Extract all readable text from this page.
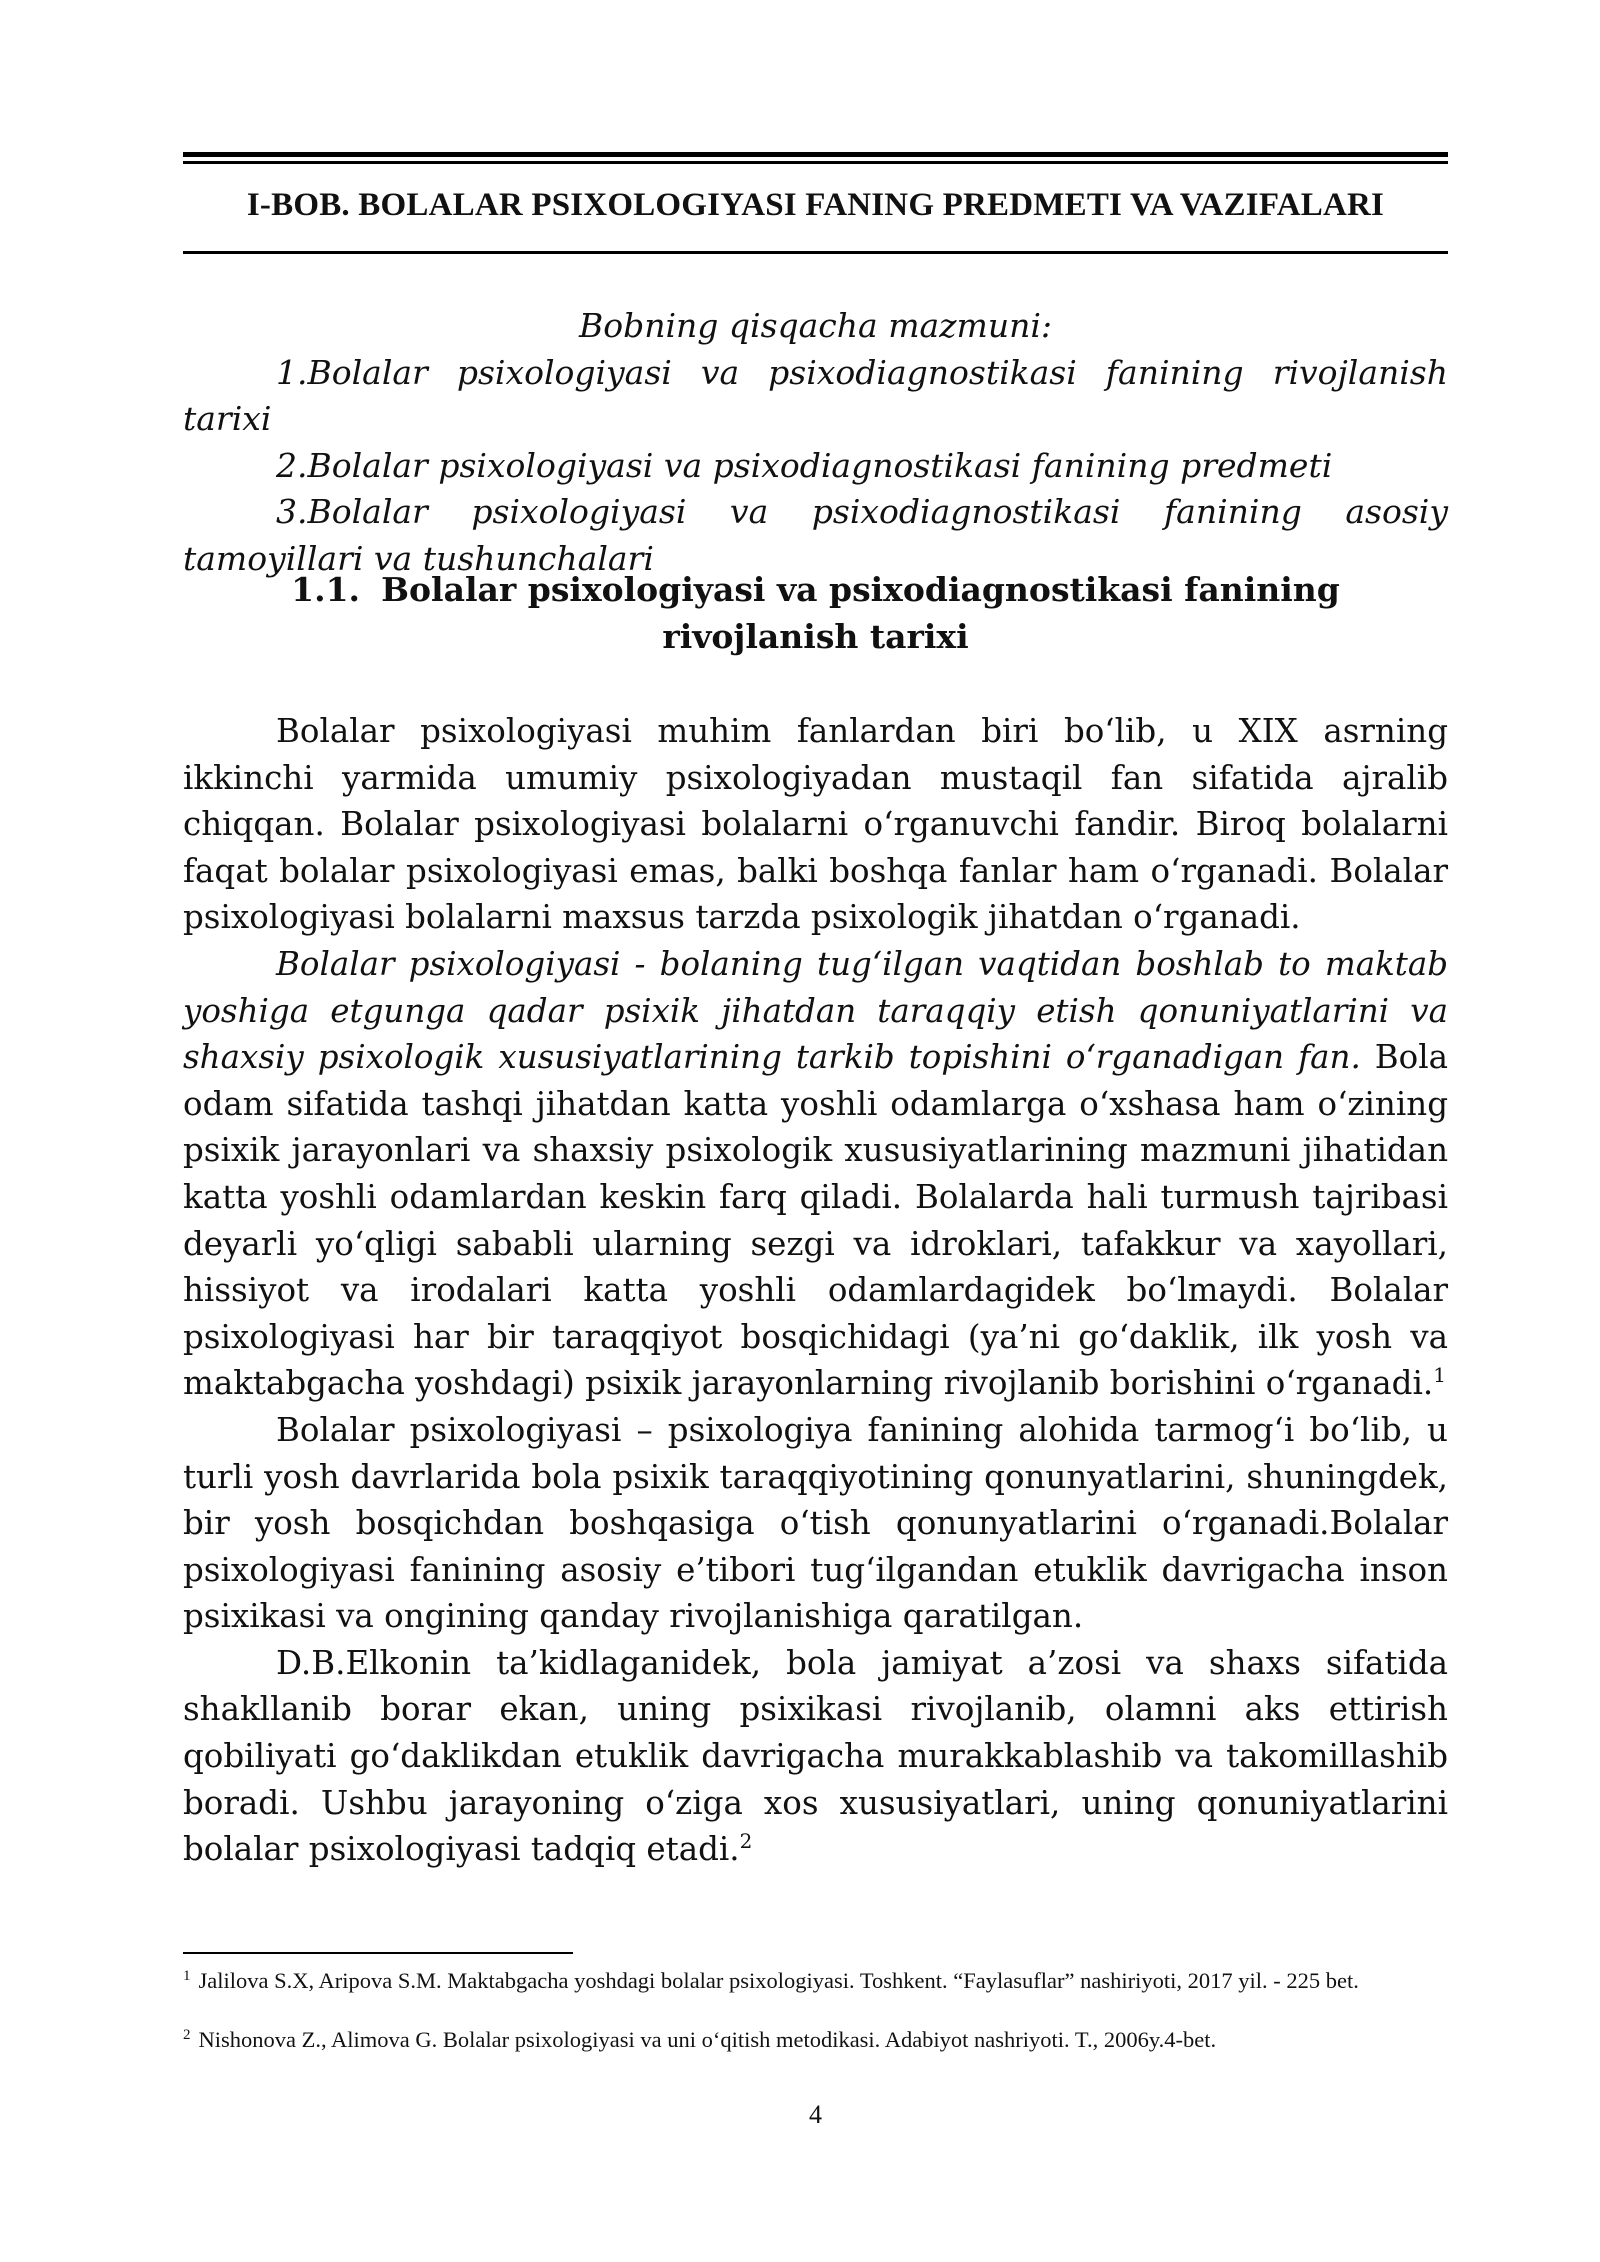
I-BOB. BOLALAR PSIXOLOGIYASI FANING PREDMETI VA VAZIFALARI
Bobning qisqacha mazmuni:
1.Bolalar psixologiyasi va psixodiagnostikasi fanining rivojlanish tarixi
2.Bolalar psixologiyasi va psixodiagnostikasi fanining predmeti
3.Bolalar psixologiyasi va psixodiagnostikasi fanining asosiy
tamoyillari va tushunchalari
1.1. Bolalar psixologiyasi va psixodiagnostikasi fanining
rivojlanish tarixi

Bolalar psixologiyasi muhim fanlardan biri bo‘lib, u XIX asrning ikkinchi yarmida umumiy psixologiyadan mustaqil fan sifatida ajralib chiqqan. Bolalar psixologiyasi bolalarni o‘rganuvchi fandir. Biroq bolalarni faqat bolalar psixologiyasi emas, balki boshqa fanlar ham o‘rganadi. Bolalar psixologiyasi bolalarni maxsus tarzda psixologik jihatdan o‘rganadi.

Bolalar psixologiyasi - bolaning tug‘ilgan vaqtidan boshlab to maktab yoshiga etgunga qadar psixik jihatdan taraqqiy etish qonuniyatlarini va shaxsiy psixologik xususiyatlarining tarkib topishini o‘rganadigan fan. Bola odam sifatida tashqi jihatdan katta yoshli odamlarga o‘xshasa ham o‘zining psixik jarayonlari va shaxsiy psixologik xususiyatlarining mazmuni jihatidan katta yoshli odamlardan keskin farq qiladi. Bolalarda hali turmush tajribasi deyarli yo‘qligi sababli ularning sezgi va idroklari, tafakkur va xayollari, hissiyot va irodalari katta yoshli odamlardagidek bo‘lmaydi. Bolalar psixologiyasi har bir taraqqiyot bosqichidagi (ya’ni go‘daklik, ilk yosh va maktabgacha yoshdagi) psixik jarayonlarning rivojlanib borishini o‘rganadi.$^1$

Bolalar psixologiyasi – psixologiya fanining alohida tarmog‘i bo‘lib, u turli yosh davrlarida bola psixik taraqqiyotining qonunyatlarini, shuningdek, bir yosh bosqichdan boshqasiga o‘tish qonunyatlarini o‘rganadi.Bolalar psixologiyasi fanining asosiy e’tibori tug‘ilgandan etuklik davrigacha inson psixikasi va ongining qanday rivojlanishiga qaratilgan.

D.B.Elkonin ta’kidlaganidek, bola jamiyat a’zosi va shaxs sifatida shakllanib borar ekan, uning psixikasi rivojlanib, olamni aks ettirish qobiliyati go‘daklikdan etuklik davrigacha murakkablashib va takomillashib boradi. Ushbu jarayoning o‘ziga xos xususiyatlari, uning qonuniyatlarini bolalar psixologiyasi tadqiq etadi.$^2$

$^1$ Jalilova S.X, Aripova S.M. Maktabgacha yoshdagi bolalar psixologiyasi. Toshkent. “Faylasuflar” nashiriyoti, 2017 yil. - 225 bet.

$^2$ Nishonova Z., Alimova G. Bolalar psixologiyasi va uni o‘qitish metodikasi. Adabiyot nashriyoti. T., 2006y.4-bet.

4
